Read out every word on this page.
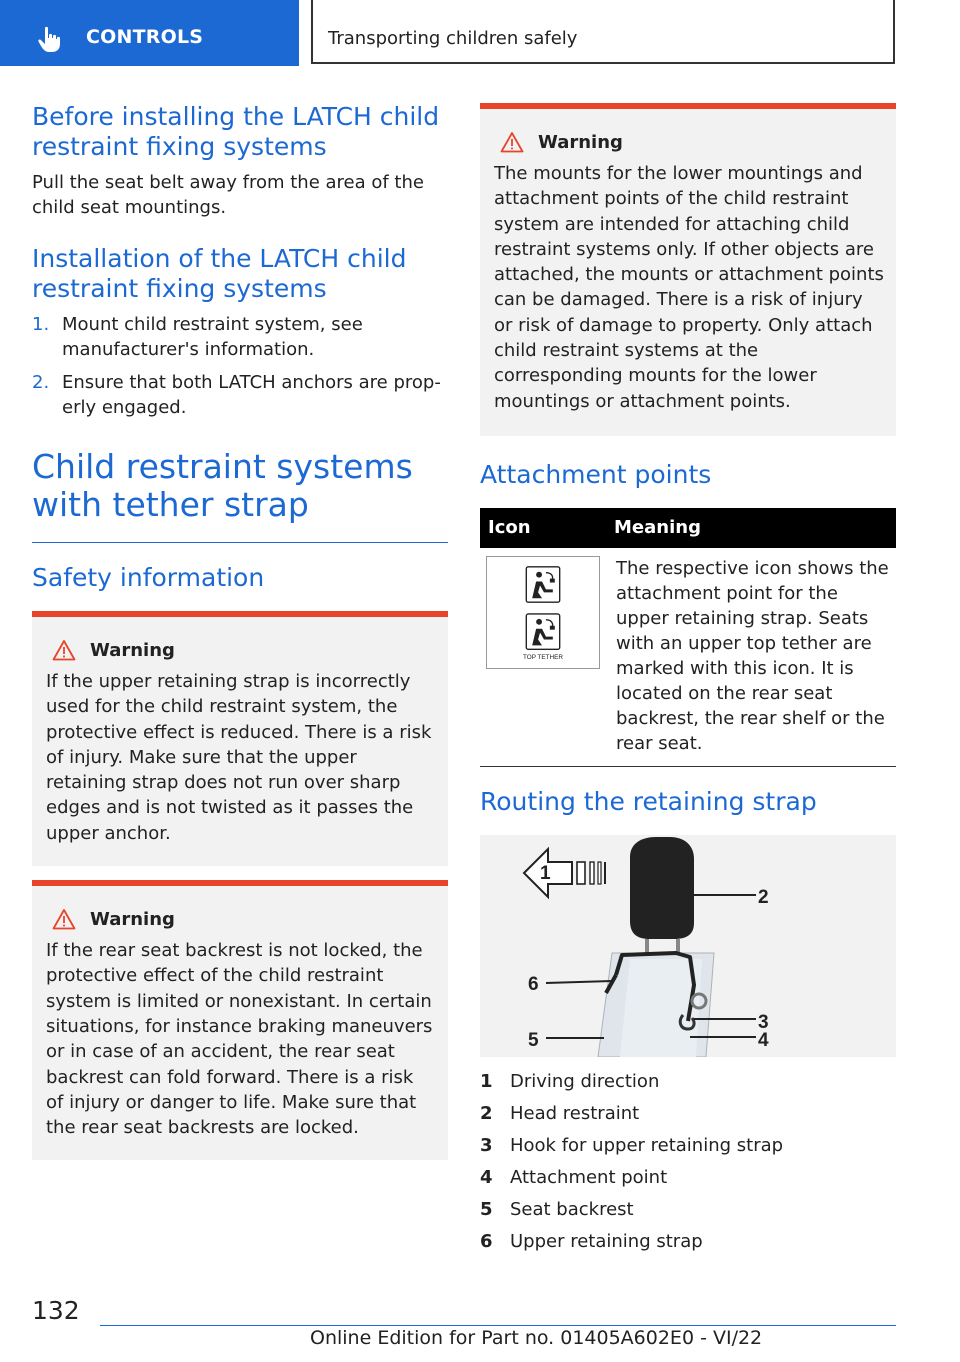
CONTROLS	Transporting children safely
Before installing the LATCH child restraint fixing systems

Pull the seat belt away from the area of the child seat mountings.

Installation of the LATCH child restraint fixing systems
1. Mount child restraint system, see manufacturer's information.
2. Ensure that both LATCH anchors are properly engaged.
Child restraint systems with tether strap
Safety information
Warning

If the upper retaining strap is incorrectly used for the child restraint system, the protective effect is reduced. There is a risk of injury. Make sure that the upper retaining strap does not run over sharp edges and is not twisted as it passes the upper anchor.

Warning

If the rear seat backrest is not locked, the protective effect of the child restraint system is limited or nonexistant. In certain situations, for instance braking maneuvers or in case of an accident, the rear seat backrest can fold forward. There is a risk of injury or danger to life. Make sure that the rear seat backrests are locked.

Warning

The mounts for the lower mountings and attachment points of the child restraint system are intended for attaching child restraint systems only. If other objects are attached, the mounts or attachment points can be damaged. There is a risk of injury or risk of damage to property. Only attach child restraint systems at the corresponding mounts for the lower mountings or attachment points.

Attachment points
Icon	Meaning

TOP TETHER	The respective icon shows the attachment point for the upper retaining strap. Seats with an upper top tether are marked with this icon. It is located on the rear seat backrest, the rear shelf or the rear seat.
Routing the retaining strap
1
2
3
4
5
6
1 Driving direction
2 Head restraint
3 Hook for upper retaining strap
4 Attachment point
5 Seat backrest
6 Upper retaining strap
132
Online Edition for Part no. 01405A602E0 - VI/22
